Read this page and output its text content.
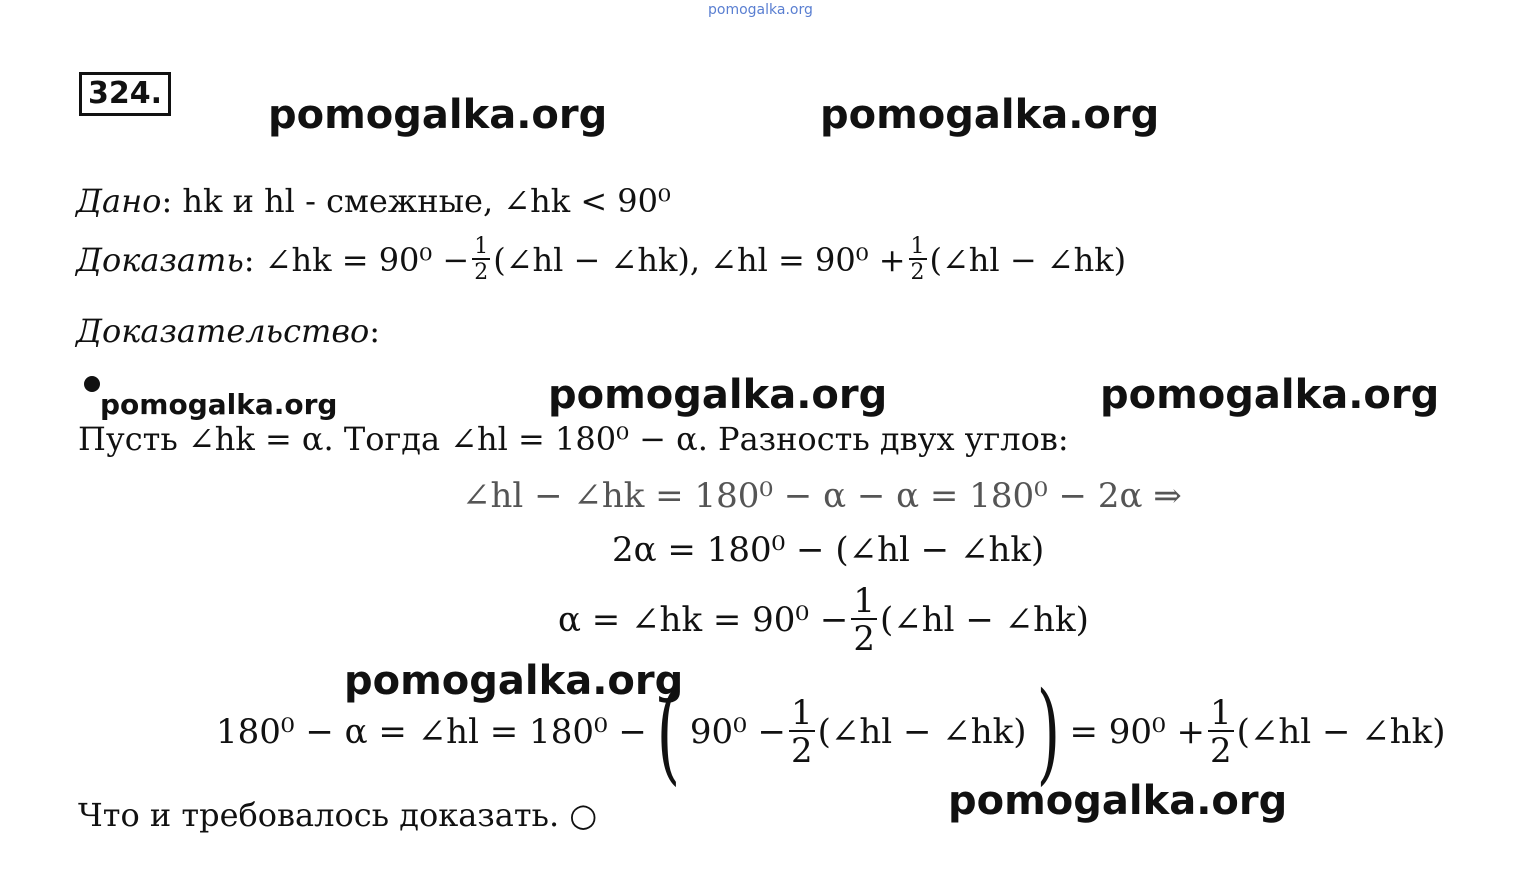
pomogalka.org
324.	pomogalka.org	pomogalka.org
Дано: hk и hl - смежные, ∠hk < 90⁰
Доказать : ∠hk = $90^0 - \frac{1}{2}$ (∠hl − ∠hk), ∠hl = $90^0 + \frac{1}{2}$ (∠hl − ∠hk)
Доказательство:
pomogalka.org	pomogalka.org	pomogalka.org
Пусть ∠hk = α. Тогда ∠hl = 180⁰ − α. Разность двух углов:
∠hl − ∠hk = 180⁰ − α − α = 180⁰ − 2α ⇒
2α = 180⁰ − (∠hl − ∠hk)
α = ∠hk = $90^0 - \frac{1}{2}$ (∠hl − ∠hk)
pomogalka.org
180⁰ − α = ∠hl = 180⁰ − ( $90^0 - \frac{1}{2}$ (∠hl − ∠hk) ) = $90^0 + \frac{1}{2}$ (∠hl − ∠hk)
Что и требовалось доказать. ○	pomogalka.org
